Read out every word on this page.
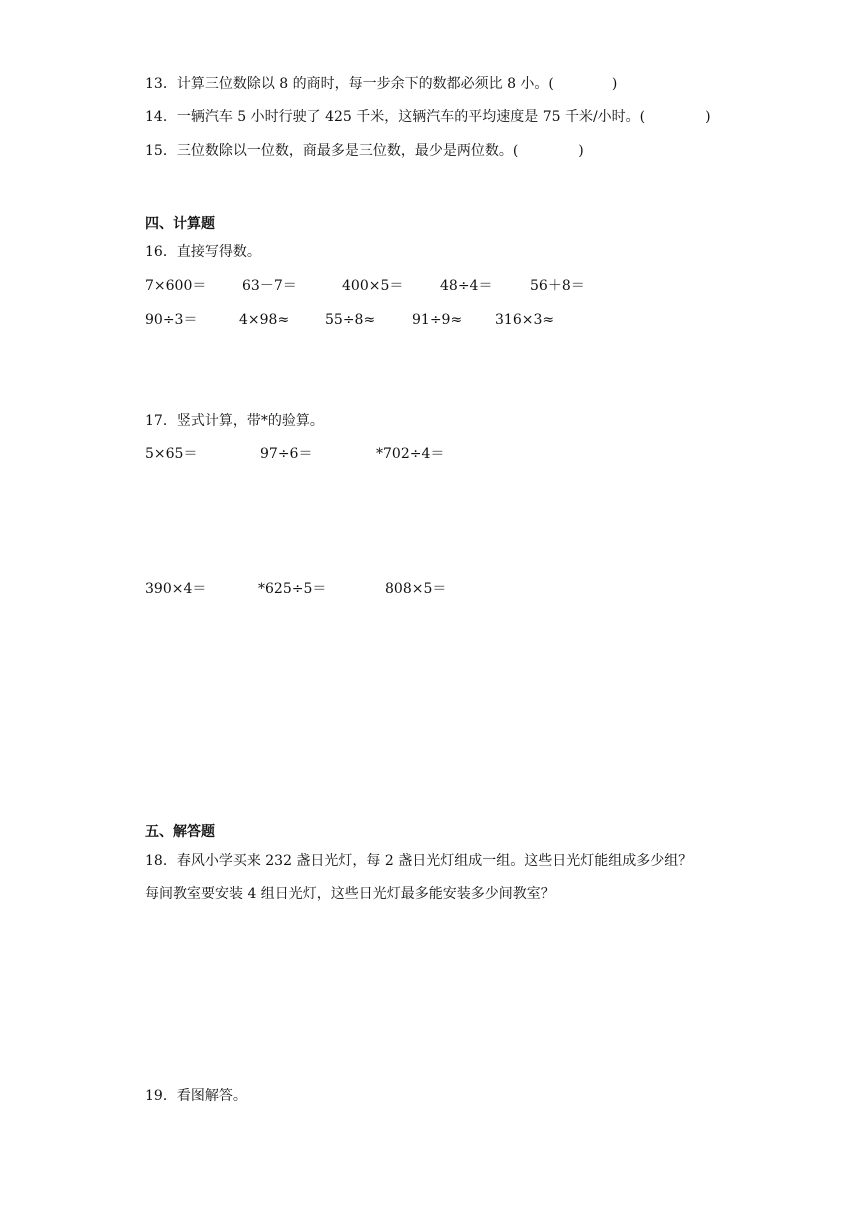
13．计算三位数除以 8 的商时，每一步余下的数都必须比 8 小。(	)
14．一辆汽车 5 小时行驶了 425 千米，这辆汽车的平均速度是 75 千米/小时。(	)
15．三位数除以一位数，商最多是三位数，最少是两位数。(	)
四、计算题
16．直接写得数。
7×600＝	63－7＝	400×5＝	48÷4＝	56＋8＝
90÷3＝	4×98≈	55÷8≈	91÷9≈ 316×3≈
17．竖式计算，带*的验算。
5×65＝	97÷6＝	*702÷4＝
390×4＝	*625÷5＝	808×5＝
五、解答题
18．春风小学买来 232 盏日光灯，每 2 盏日光灯组成一组。这些日光灯能组成多少组？
每间教室要安装 4 组日光灯，这些日光灯最多能安装多少间教室？
19．看图解答。
